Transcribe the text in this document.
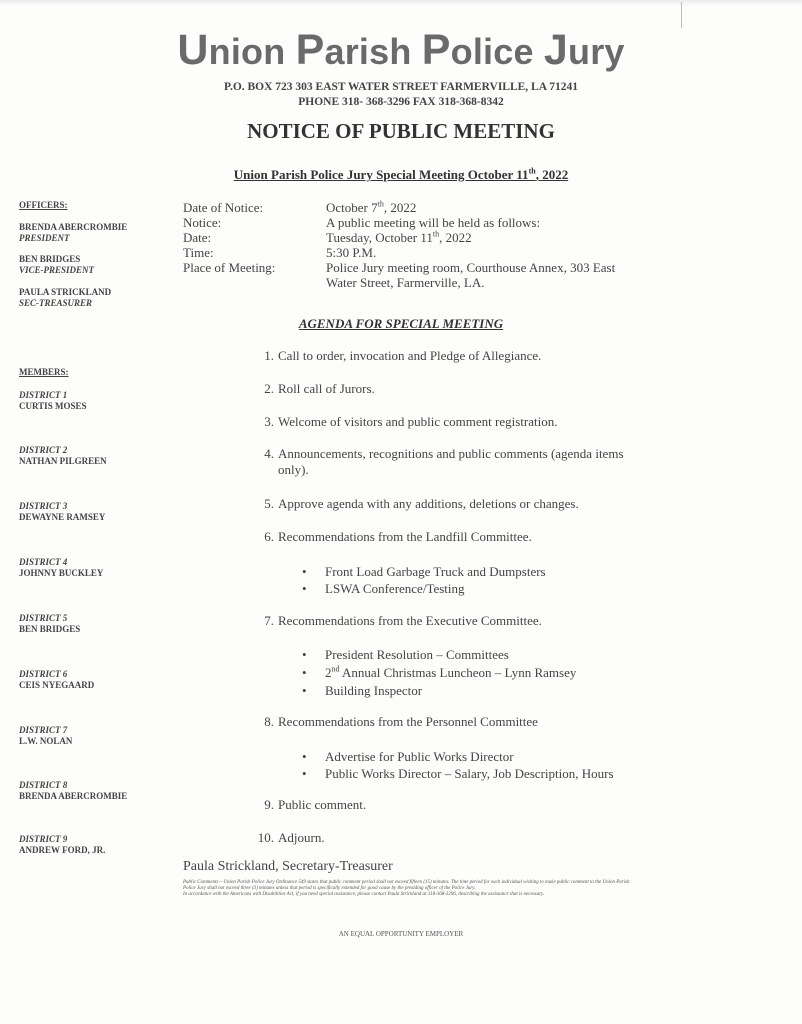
Union Parish Police Jury
P.O. BOX 723 303 EAST WATER STREET FARMERVILLE, LA 71241
PHONE 318- 368-3296 FAX 318-368-8342
NOTICE OF PUBLIC MEETING
Union Parish Police Jury Special Meeting October 11th, 2022
OFFICERS:
BRENDA ABERCROMBIE
PRESIDENT
BEN BRIDGES
VICE-PRESIDENT
PAULA STRICKLAND
SEC-TREASURER
MEMBERS:
DISTRICT 1
CURTIS MOSES
DISTRICT 2
NATHAN PILGREEN
DISTRICT 3
DEWAYNE RAMSEY
DISTRICT 4
JOHNNY BUCKLEY
DISTRICT 5
BEN BRIDGES
DISTRICT 6
CEIS NYEGAARD
DISTRICT 7
L.W. NOLAN
DISTRICT 8
BRENDA ABERCROMBIE
DISTRICT 9
ANDREW FORD, JR.
Date of Notice:	October 7th, 2022
Notice:	A public meeting will be held as follows:
Date:	Tuesday, October 11th, 2022
Time:	5:30 P.M.
Place of Meeting:	Police Jury meeting room, Courthouse Annex, 303 East Water Street, Farmerville, LA.
AGENDA FOR SPECIAL MEETING
1. Call to order, invocation and Pledge of Allegiance.
2. Roll call of Jurors.
3. Welcome of visitors and public comment registration.
4. Announcements, recognitions and public comments (agenda items only).
5. Approve agenda with any additions, deletions or changes.
6. Recommendations from the Landfill Committee.
• Front Load Garbage Truck and Dumpsters
• LSWA Conference/Testing
7. Recommendations from the Executive Committee.
• President Resolution – Committees
• 2nd Annual Christmas Luncheon – Lynn Ramsey
• Building Inspector
8. Recommendations from the Personnel Committee
• Advertise for Public Works Director
• Public Works Director – Salary, Job Description, Hours
9. Public comment.
10. Adjourn.
Paula Strickland, Secretary-Treasurer
Public Comments – Union Parish Police Jury Ordinance 549 states that public comment period shall not exceed fifteen (15) minutes. The time period for each individual wishing to make public comment to the Union Parish Police Jury shall not exceed three (3) minutes unless that period is specifically extended for good cause by the presiding officer of the Police Jury.
In accordance with the Americans with Disabilities Act, if you need special assistance, please contact Paula Strickland at 318-368-3296, describing the assistance that is necessary.
AN EQUAL OPPORTUNITY EMPLOYER
